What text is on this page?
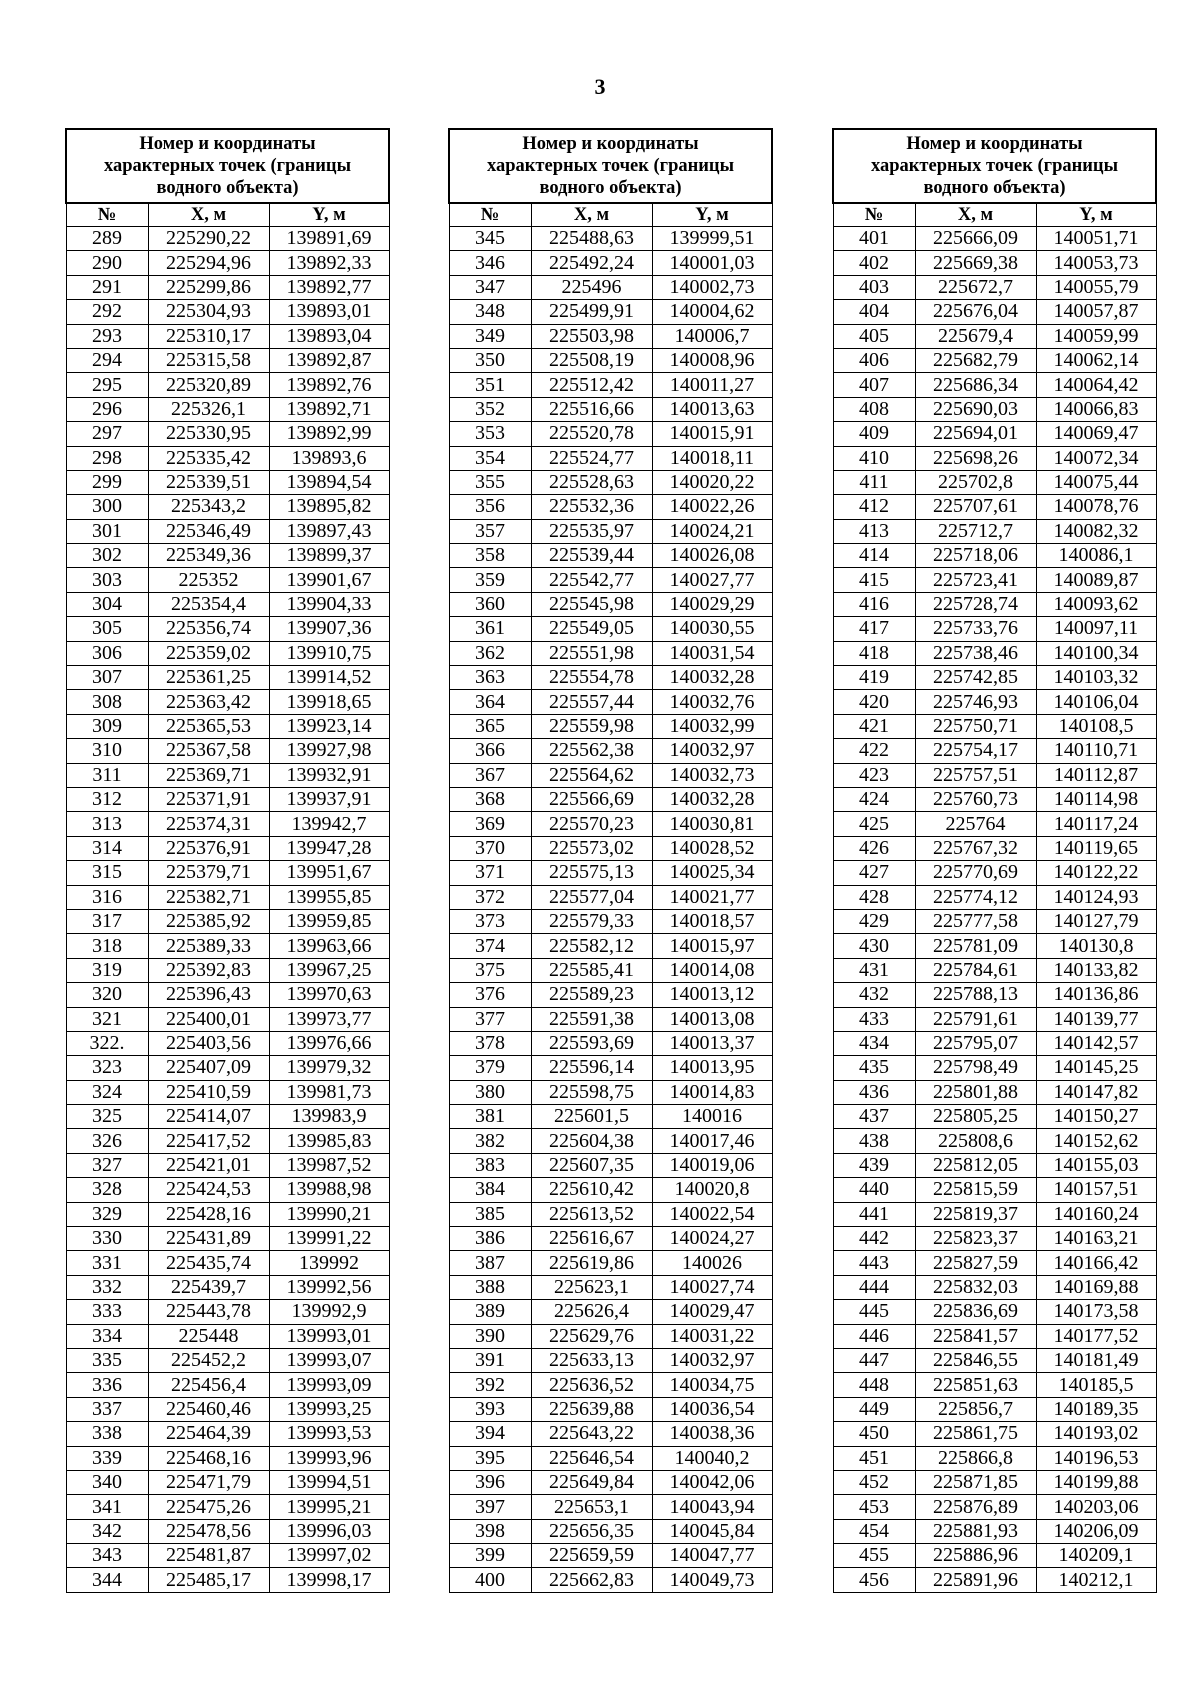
3
Номер и координаты характерных точек (границы водного объекта)		
№	X, м	Y, м
289	225290,22	139891,69
290	225294,96	139892,33
291	225299,86	139892,77
292	225304,93	139893,01
293	225310,17	139893,04
294	225315,58	139892,87
295	225320,89	139892,76
296	225326,1	139892,71
297	225330,95	139892,99
298	225335,42	139893,6
299	225339,51	139894,54
300	225343,2	139895,82
301	225346,49	139897,43
302	225349,36	139899,37
303	225352	139901,67
304	225354,4	139904,33
305	225356,74	139907,36
306	225359,02	139910,75
307	225361,25	139914,52
308	225363,42	139918,65
309	225365,53	139923,14
310	225367,58	139927,98
311	225369,71	139932,91
312	225371,91	139937,91
313	225374,31	139942,7
314	225376,91	139947,28
315	225379,71	139951,67
316	225382,71	139955,85
317	225385,92	139959,85
318	225389,33	139963,66
319	225392,83	139967,25
320	225396,43	139970,63
321	225400,01	139973,77
322.	225403,56	139976,66
323	225407,09	139979,32
324	225410,59	139981,73
325	225414,07	139983,9
326	225417,52	139985,83
327	225421,01	139987,52
328	225424,53	139988,98
329	225428,16	139990,21
330	225431,89	139991,22
331	225435,74	139992
332	225439,7	139992,56
333	225443,78	139992,9
334	225448	139993,01
335	225452,2	139993,07
336	225456,4	139993,09
337	225460,46	139993,25
338	225464,39	139993,53
339	225468,16	139993,96
340	225471,79	139994,51
341	225475,26	139995,21
342	225478,56	139996,03
343	225481,87	139997,02
344	225485,17	139998,17
Номер и координаты характерных точек (границы водного объекта)		
№	X, м	Y, м
345	225488,63	139999,51
346	225492,24	140001,03
347	225496	140002,73
348	225499,91	140004,62
349	225503,98	140006,7
350	225508,19	140008,96
351	225512,42	140011,27
352	225516,66	140013,63
353	225520,78	140015,91
354	225524,77	140018,11
355	225528,63	140020,22
356	225532,36	140022,26
357	225535,97	140024,21
358	225539,44	140026,08
359	225542,77	140027,77
360	225545,98	140029,29
361	225549,05	140030,55
362	225551,98	140031,54
363	225554,78	140032,28
364	225557,44	140032,76
365	225559,98	140032,99
366	225562,38	140032,97
367	225564,62	140032,73
368	225566,69	140032,28
369	225570,23	140030,81
370	225573,02	140028,52
371	225575,13	140025,34
372	225577,04	140021,77
373	225579,33	140018,57
374	225582,12	140015,97
375	225585,41	140014,08
376	225589,23	140013,12
377	225591,38	140013,08
378	225593,69	140013,37
379	225596,14	140013,95
380	225598,75	140014,83
381	225601,5	140016
382	225604,38	140017,46
383	225607,35	140019,06
384	225610,42	140020,8
385	225613,52	140022,54
386	225616,67	140024,27
387	225619,86	140026
388	225623,1	140027,74
389	225626,4	140029,47
390	225629,76	140031,22
391	225633,13	140032,97
392	225636,52	140034,75
393	225639,88	140036,54
394	225643,22	140038,36
395	225646,54	140040,2
396	225649,84	140042,06
397	225653,1	140043,94
398	225656,35	140045,84
399	225659,59	140047,77
400	225662,83	140049,73
Номер и координаты характерных точек (границы водного объекта)		
№	X, м	Y, м
401	225666,09	140051,71
402	225669,38	140053,73
403	225672,7	140055,79
404	225676,04	140057,87
405	225679,4	140059,99
406	225682,79	140062,14
407	225686,34	140064,42
408	225690,03	140066,83
409	225694,01	140069,47
410	225698,26	140072,34
411	225702,8	140075,44
412	225707,61	140078,76
413	225712,7	140082,32
414	225718,06	140086,1
415	225723,41	140089,87
416	225728,74	140093,62
417	225733,76	140097,11
418	225738,46	140100,34
419	225742,85	140103,32
420	225746,93	140106,04
421	225750,71	140108,5
422	225754,17	140110,71
423	225757,51	140112,87
424	225760,73	140114,98
425	225764	140117,24
426	225767,32	140119,65
427	225770,69	140122,22
428	225774,12	140124,93
429	225777,58	140127,79
430	225781,09	140130,8
431	225784,61	140133,82
432	225788,13	140136,86
433	225791,61	140139,77
434	225795,07	140142,57
435	225798,49	140145,25
436	225801,88	140147,82
437	225805,25	140150,27
438	225808,6	140152,62
439	225812,05	140155,03
440	225815,59	140157,51
441	225819,37	140160,24
442	225823,37	140163,21
443	225827,59	140166,42
444	225832,03	140169,88
445	225836,69	140173,58
446	225841,57	140177,52
447	225846,55	140181,49
448	225851,63	140185,5
449	225856,7	140189,35
450	225861,75	140193,02
451	225866,8	140196,53
452	225871,85	140199,88
453	225876,89	140203,06
454	225881,93	140206,09
455	225886,96	140209,1
456	225891,96	140212,1
